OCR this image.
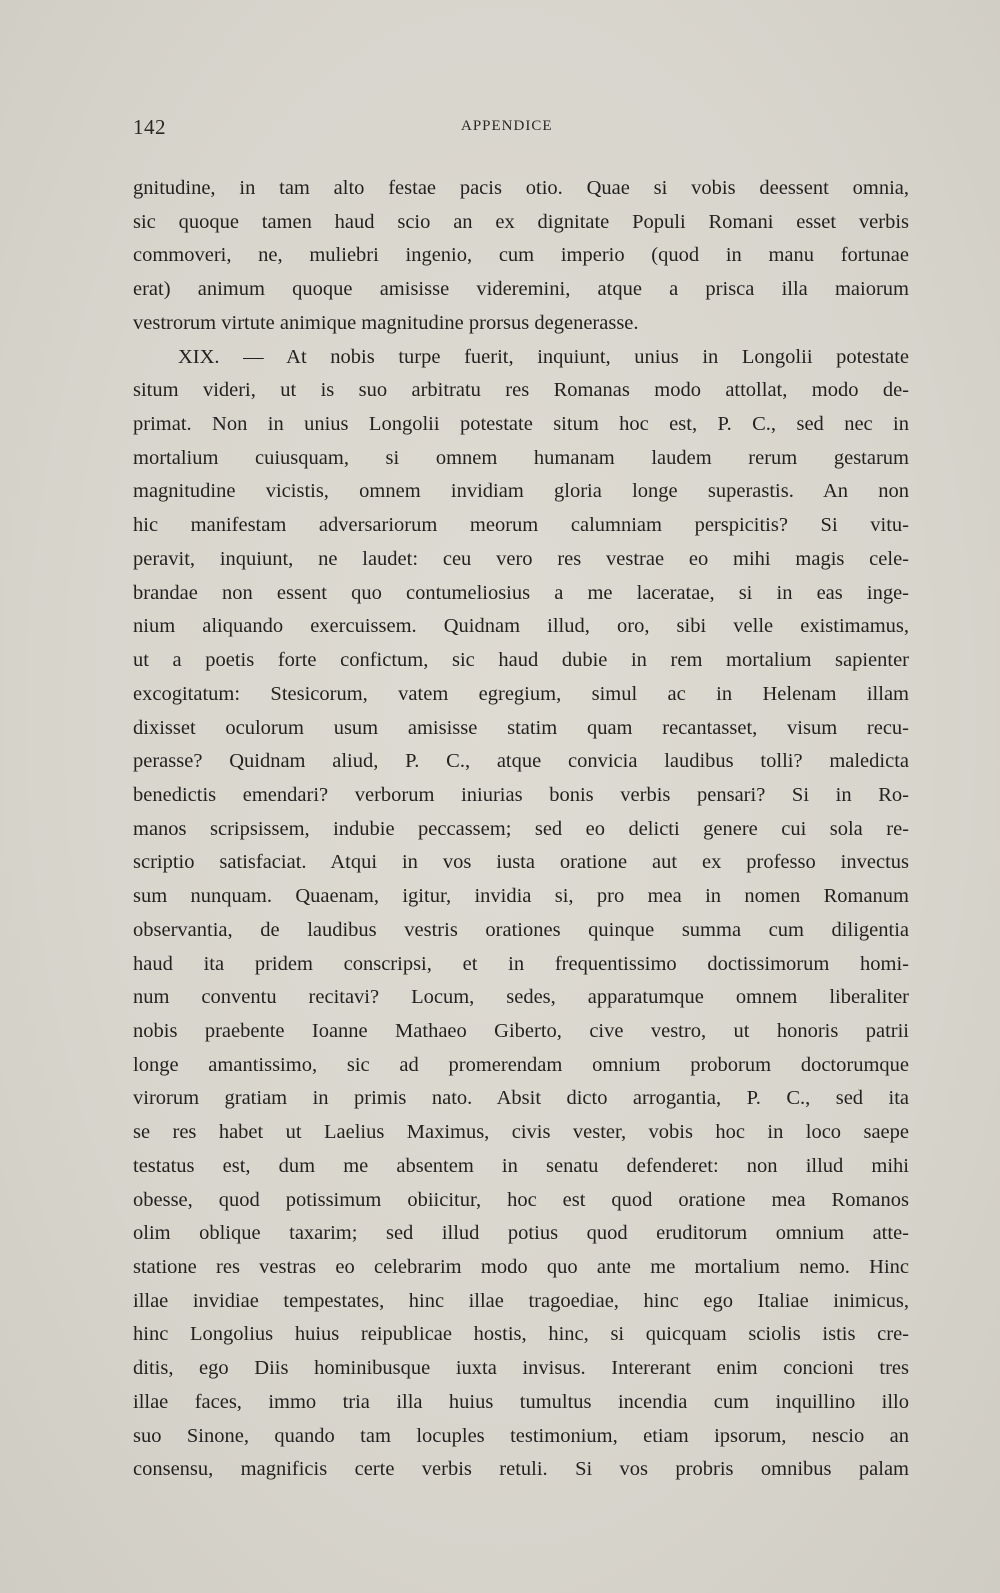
142	APPENDICE
gnitudine, in tam alto festae pacis otio. Quae si vobis deessent omnia,
sic quoque tamen haud scio an ex dignitate Populi Romani esset verbis
commoveri, ne, muliebri ingenio, cum imperio (quod in manu fortunae
erat) animum quoque amisisse videremini, atque a prisca illa maiorum
vestrorum virtute animique magnitudine prorsus degenerasse.
XIX. — At nobis turpe fuerit, inquiunt, unius in Longolii potestate
situm videri, ut is suo arbitratu res Romanas modo attollat, modo de-
primat. Non in unius Longolii potestate situm hoc est, P. C., sed nec in
mortalium cuiusquam, si omnem humanam laudem rerum gestarum
magnitudine vicistis, omnem invidiam gloria longe superastis. An non
hic manifestam adversariorum meorum calumniam perspicitis? Si vitu-
peravit, inquiunt, ne laudet: ceu vero res vestrae eo mihi magis cele-
brandae non essent quo contumeliosius a me laceratae, si in eas inge-
nium aliquando exercuissem. Quidnam illud, oro, sibi velle existimamus,
ut a poetis forte confictum, sic haud dubie in rem mortalium sapienter
excogitatum: Stesicorum, vatem egregium, simul ac in Helenam illam
dixisset oculorum usum amisisse statim quam recantasset, visum recu-
perasse? Quidnam aliud, P. C., atque convicia laudibus tolli? maledicta
benedictis emendari? verborum iniurias bonis verbis pensari? Si in Ro-
manos scripsissem, indubie peccassem; sed eo delicti genere cui sola re-
scriptio satisfaciat. Atqui in vos iusta oratione aut ex professo invectus
sum nunquam. Quaenam, igitur, invidia si, pro mea in nomen Romanum
observantia, de laudibus vestris orationes quinque summa cum diligentia
haud ita pridem conscripsi, et in frequentissimo doctissimorum homi-
num conventu recitavi? Locum, sedes, apparatumque omnem liberaliter
nobis praebente Ioanne Mathaeo Giberto, cive vestro, ut honoris patrii
longe amantissimo, sic ad promerendam omnium proborum doctorumque
virorum gratiam in primis nato. Absit dicto arrogantia, P. C., sed ita
se res habet ut Laelius Maximus, civis vester, vobis hoc in loco saepe
testatus est, dum me absentem in senatu defenderet: non illud mihi
obesse, quod potissimum obiicitur, hoc est quod oratione mea Romanos
olim oblique taxarim; sed illud potius quod eruditorum omnium atte-
statione res vestras eo celebrarim modo quo ante me mortalium nemo. Hinc
illae invidiae tempestates, hinc illae tragoediae, hinc ego Italiae inimicus,
hinc Longolius huius reipublicae hostis, hinc, si quicquam sciolis istis cre-
ditis, ego Diis hominibusque iuxta invisus. Intererant enim concioni tres
illae faces, immo tria illa huius tumultus incendia cum inquillino illo
suo Sinone, quando tam locuples testimonium, etiam ipsorum, nescio an
consensu, magnificis certe verbis retuli. Si vos probris omnibus palam
